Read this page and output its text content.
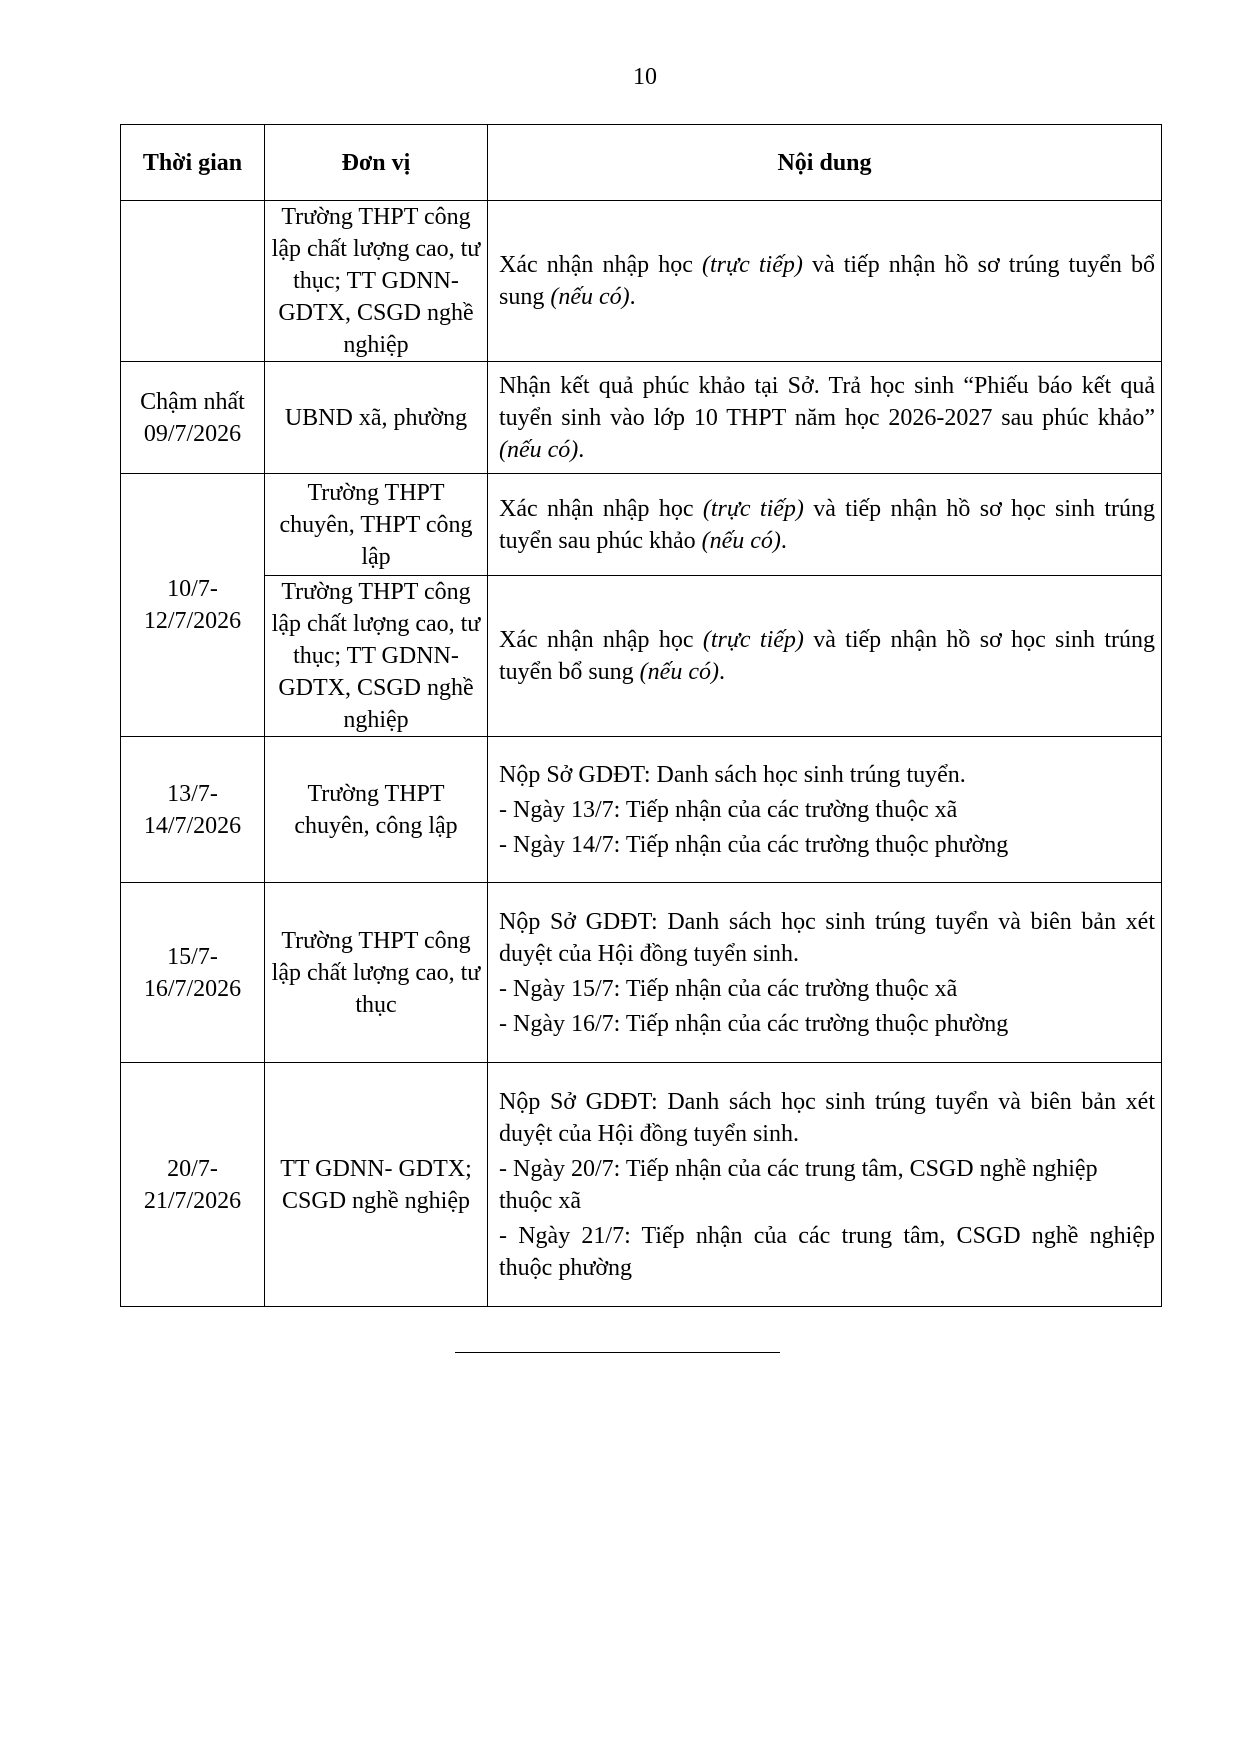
10
Thời gian	Đơn vị	Nội dung
	Trường THPT công lập chất lượng cao, tư thục; TT GDNN-GDTX, CSGD nghề nghiệp	Xác nhận nhập học (trực tiếp) và tiếp nhận hồ sơ trúng tuyển bổ sung (nếu có).
Chậm nhất 09/7/2026	UBND xã, phường	Nhận kết quả phúc khảo tại Sở. Trả học sinh “Phiếu báo kết quả tuyển sinh vào lớp 10 THPT năm học 2026-2027 sau phúc khảo” (nếu có).
10/7- 12/7/2026	Trường THPT chuyên, THPT công lập	Xác nhận nhập học (trực tiếp) và tiếp nhận hồ sơ học sinh trúng tuyển sau phúc khảo (nếu có).
	Trường THPT công lập chất lượng cao, tư thục; TT GDNN-GDTX, CSGD nghề nghiệp	Xác nhận nhập học (trực tiếp) và tiếp nhận hồ sơ học sinh trúng tuyển bổ sung (nếu có).
13/7- 14/7/2026	Trường THPT chuyên, công lập	Nộp Sở GDĐT: Danh sách học sinh trúng tuyển.
- Ngày 13/7: Tiếp nhận của các trường thuộc xã
- Ngày 14/7: Tiếp nhận của các trường thuộc phường

15/7- 16/7/2026	Trường THPT công lập chất lượng cao, tư thục	Nộp Sở GDĐT: Danh sách học sinh trúng tuyển và biên bản xét duyệt của Hội đồng tuyển sinh.
- Ngày 15/7: Tiếp nhận của các trường thuộc xã
- Ngày 16/7: Tiếp nhận của các trường thuộc phường

20/7- 21/7/2026	TT GDNN- GDTX; CSGD nghề nghiệp	Nộp Sở GDĐT: Danh sách học sinh trúng tuyển và biên bản xét duyệt của Hội đồng tuyển sinh.
- Ngày 20/7: Tiếp nhận của các trung tâm, CSGD nghề nghiệp thuộc xã
- Ngày 21/7: Tiếp nhận của các trung tâm, CSGD nghề nghiệp thuộc phường
